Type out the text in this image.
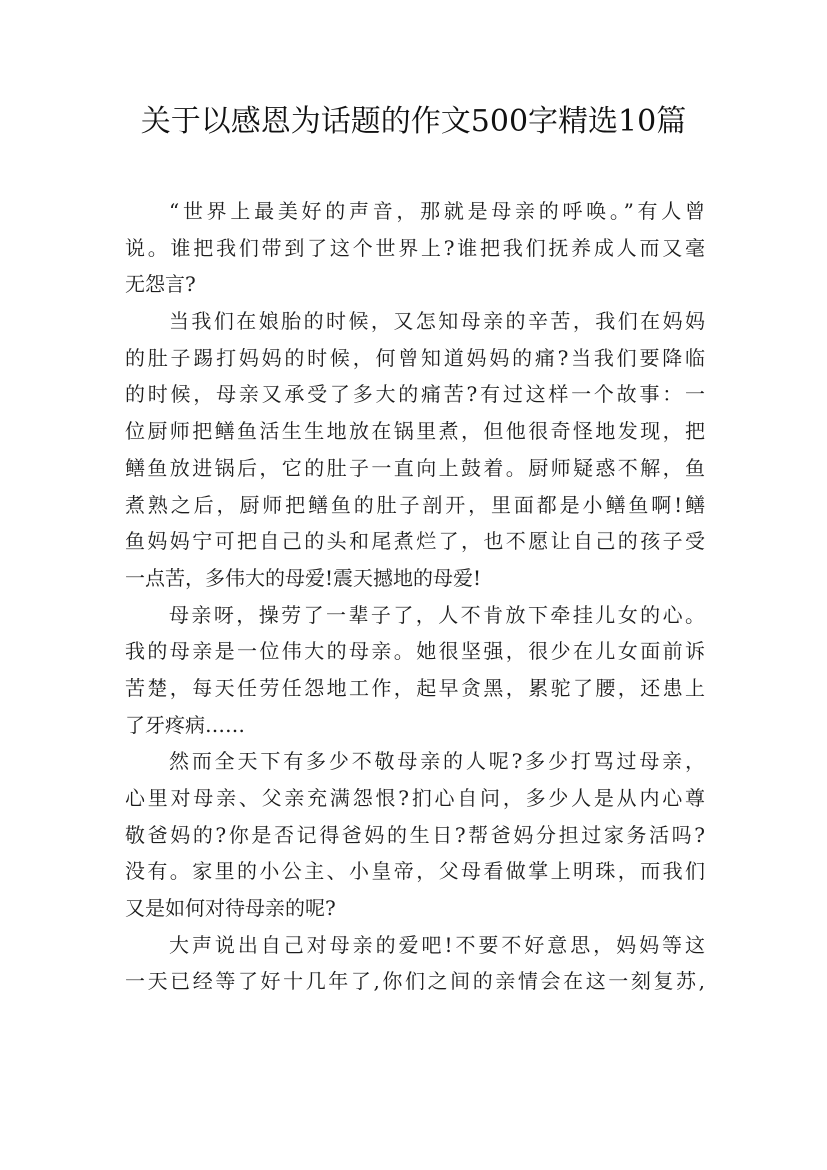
关于以感恩为话题的作文500字精选10篇
“世界上最美好的声音，那就是母亲的呼唤。”有人曾
说。谁把我们带到了这个世界上?谁把我们抚养成人而又毫
无怨言?
当我们在娘胎的时候，又怎知母亲的辛苦，我们在妈妈
的肚子踢打妈妈的时候，何曾知道妈妈的痛?当我们要降临
的时候，母亲又承受了多大的痛苦?有过这样一个故事：一
位厨师把鳝鱼活生生地放在锅里煮，但他很奇怪地发现，把
鳝鱼放进锅后，它的肚子一直向上鼓着。厨师疑惑不解，鱼
煮熟之后，厨师把鳝鱼的肚子剖开，里面都是小鳝鱼啊!鳝
鱼妈妈宁可把自己的头和尾煮烂了，也不愿让自己的孩子受
一点苦，多伟大的母爱!震天撼地的母爱!
母亲呀，操劳了一辈子了，人不肯放下牵挂儿女的心。
我的母亲是一位伟大的母亲。她很坚强，很少在儿女面前诉
苦楚，每天任劳任怨地工作，起早贪黑，累驼了腰，还患上
了牙疼病……
然而全天下有多少不敬母亲的人呢?多少打骂过母亲，
心里对母亲、父亲充满怨恨?扪心自问，多少人是从内心尊
敬爸妈的?你是否记得爸妈的生日?帮爸妈分担过家务活吗?
没有。家里的小公主、小皇帝，父母看做掌上明珠，而我们
又是如何对待母亲的呢?
大声说出自己对母亲的爱吧!不要不好意思，妈妈等这
一天已经等了好十几年了,你们之间的亲情会在这一刻复苏,
